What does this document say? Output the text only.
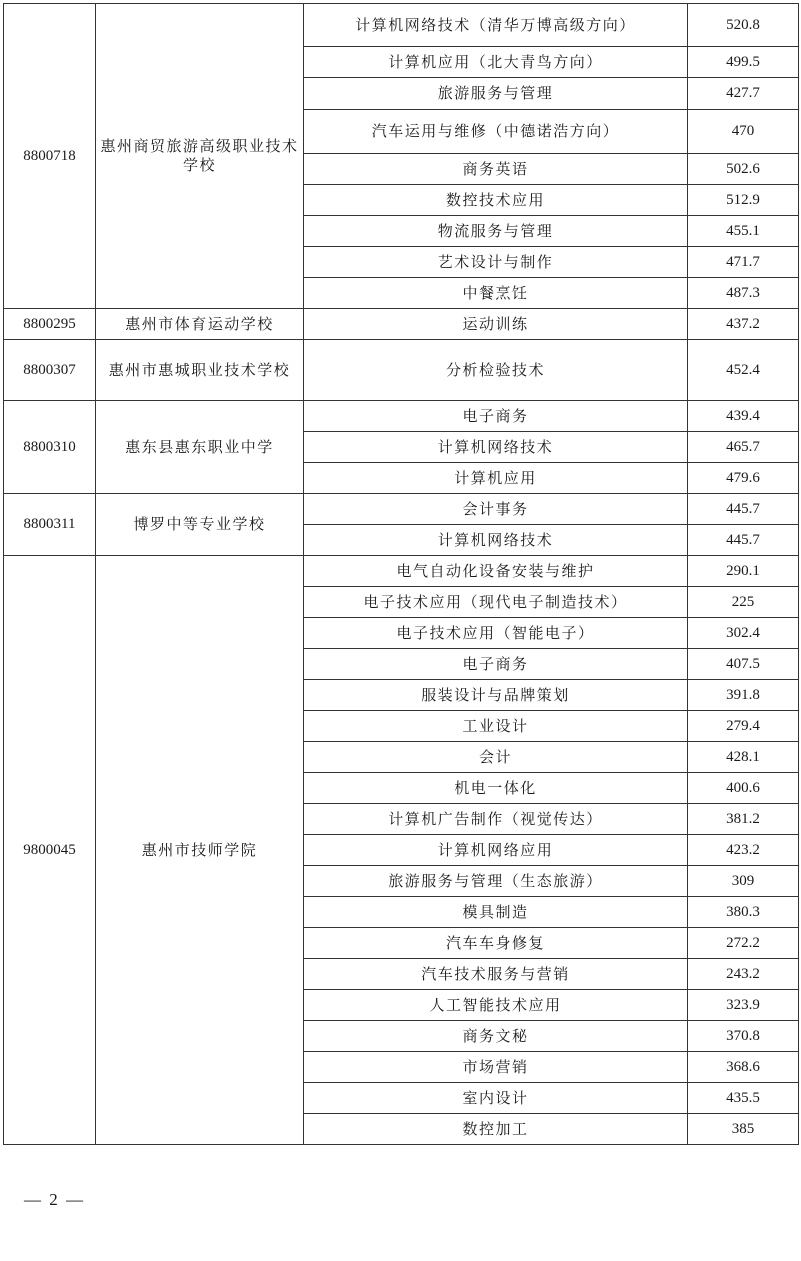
8800718	惠州商贸旅游高级职业技术学校	计算机网络技术（清华万博高级方向）	520.8
		计算机应用（北大青鸟方向）	499.5
		旅游服务与管理	427.7
		汽车运用与维修（中德诺浩方向）	470
		商务英语	502.6
		数控技术应用	512.9
		物流服务与管理	455.1
		艺术设计与制作	471.7
		中餐烹饪	487.3
8800295	惠州市体育运动学校	运动训练	437.2
8800307	惠州市惠城职业技术学校	分析检验技术	452.4
8800310	惠东县惠东职业中学	电子商务	439.4
		计算机网络技术	465.7
		计算机应用	479.6
8800311	博罗中等专业学校	会计事务	445.7
		计算机网络技术	445.7
9800045	惠州市技师学院	电气自动化设备安装与维护	290.1
		电子技术应用（现代电子制造技术）	225
		电子技术应用（智能电子）	302.4
		电子商务	407.5
		服装设计与品牌策划	391.8
		工业设计	279.4
		会计	428.1
		机电一体化	400.6
		计算机广告制作（视觉传达）	381.2
		计算机网络应用	423.2
		旅游服务与管理（生态旅游）	309
		模具制造	380.3
		汽车车身修复	272.2
		汽车技术服务与营销	243.2
		人工智能技术应用	323.9
		商务文秘	370.8
		市场营销	368.6
		室内设计	435.5
		数控加工	385
— 2 —
